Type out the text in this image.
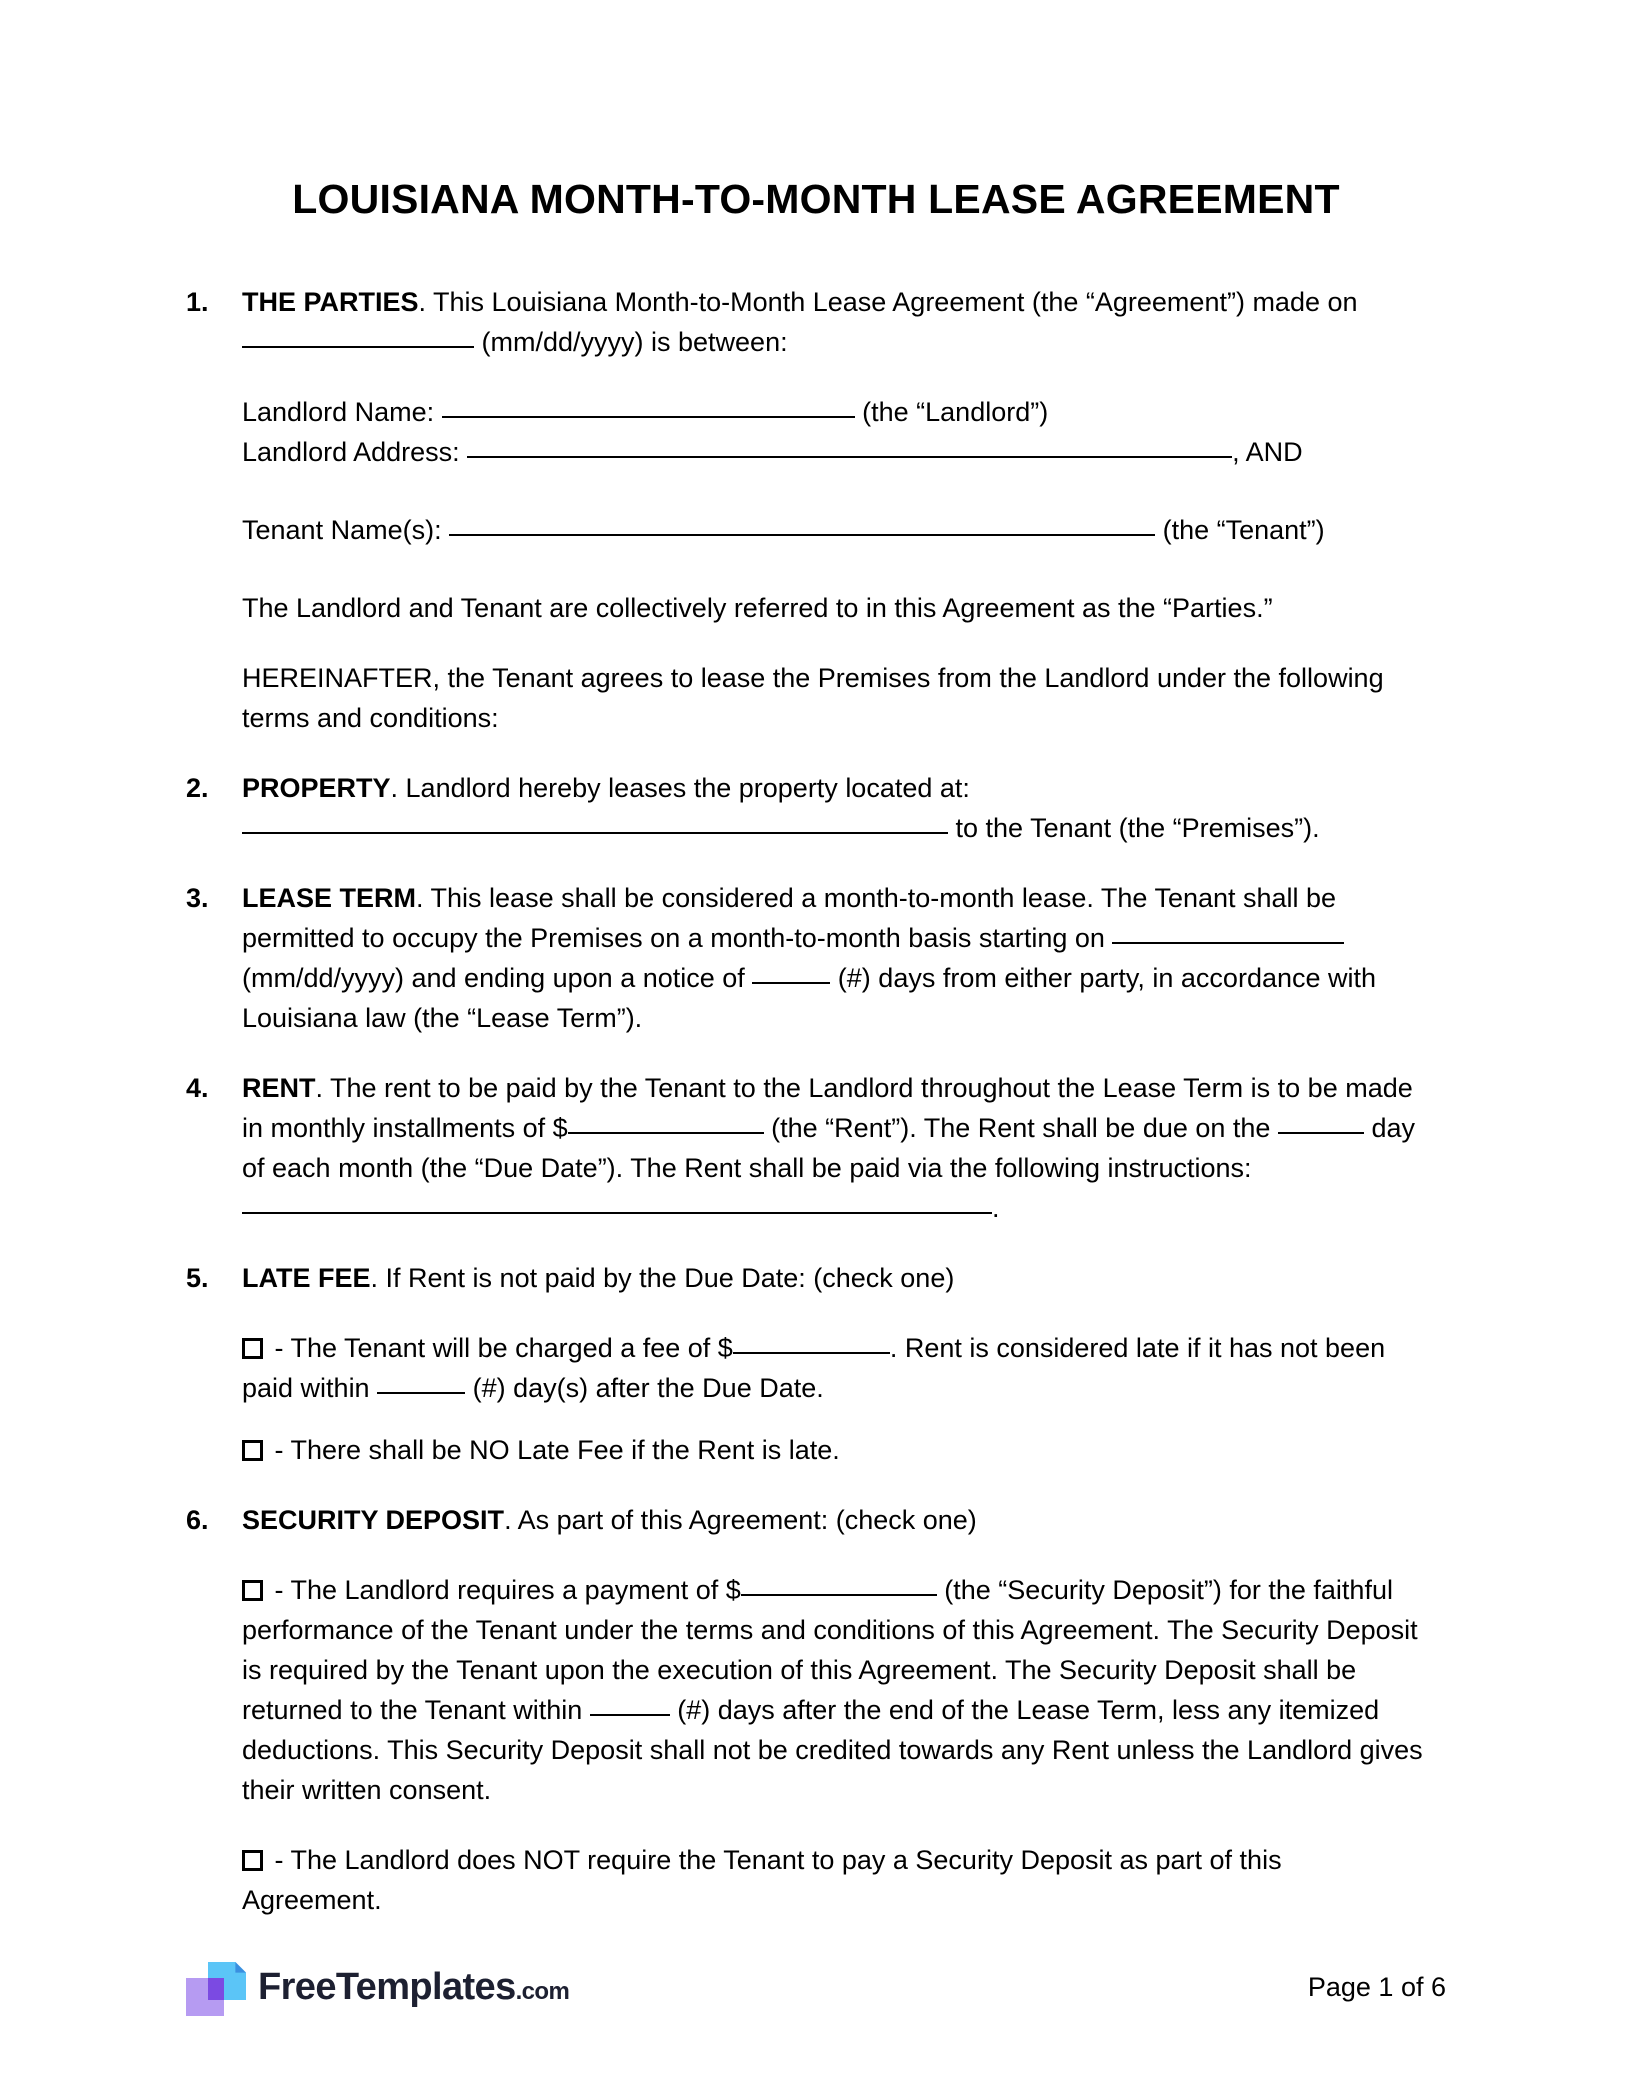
LOUISIANA MONTH-TO-MONTH LEASE AGREEMENT
1.	THE PARTIES. This Louisiana Month-to-Month Lease Agreement (the “Agreement”) made on  (mm/dd/yyyy) is between:
Landlord Name:	(the “Landlord”)
Landlord Address:	, AND
Tenant Name(s):	(the “Tenant”)
The Landlord and Tenant are collectively referred to in this Agreement as the “Parties.”
HEREINAFTER, the Tenant agrees to lease the Premises from the Landlord under the following terms and conditions:
2.	PROPERTY. Landlord hereby leases the property located at:
to the Tenant (the “Premises”).
3.	LEASE TERM. This lease shall be considered a month-to-month lease. The Tenant shall be permitted to occupy the Premises on a month-to-month basis starting on  (mm/dd/yyyy) and ending upon a notice of	(#) days from either party, in accordance with Louisiana law (the “Lease Term”).
4.	RENT. The rent to be paid by the Tenant to the Landlord throughout the Lease Term is to be made in monthly installments of $	(the “Rent”). The Rent shall be due on the	day of each month (the “Due Date”). The Rent shall be paid via the following instructions: .
5.	LATE FEE. If Rent is not paid by the Due Date: (check one)
- The Tenant will be charged a fee of $	. Rent is considered late if it has not been paid within	(#) day(s) after the Due Date.
- There shall be NO Late Fee if the Rent is late.
6.	SECURITY DEPOSIT. As part of this Agreement: (check one)
- The Landlord requires a payment of $	(the “Security Deposit”) for the faithful performance of the Tenant under the terms and conditions of this Agreement. The Security Deposit is required by the Tenant upon the execution of this Agreement. The Security Deposit shall be returned to the Tenant within	(#) days after the end of the Lease Term, less any itemized deductions. This Security Deposit shall not be credited towards any Rent unless the Landlord gives their written consent.
- The Landlord does NOT require the Tenant to pay a Security Deposit as part of this Agreement.
FreeTemplates.com	Page 1 of 6
